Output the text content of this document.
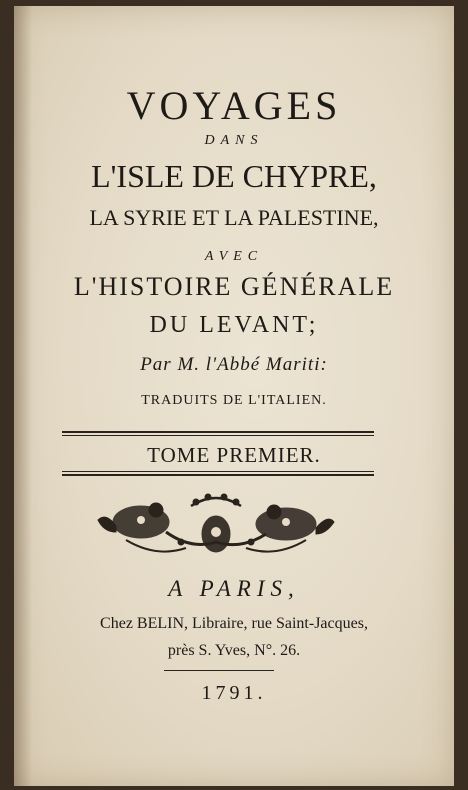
VOYAGES
DANS
L'ISLE DE CHYPRE,
LA SYRIE ET LA PALESTINE,
AVEC
L'HISTOIRE GÉNÉRALE
DU LEVANT;
Par M. l'Abbé Mariti:
TRADUITS DE L'ITALIEN.
TOME PREMIER.
A PARIS,
Chez BELIN, Libraire, rue Saint-Jacques,
près S. Yves, N°. 26.
1791.
